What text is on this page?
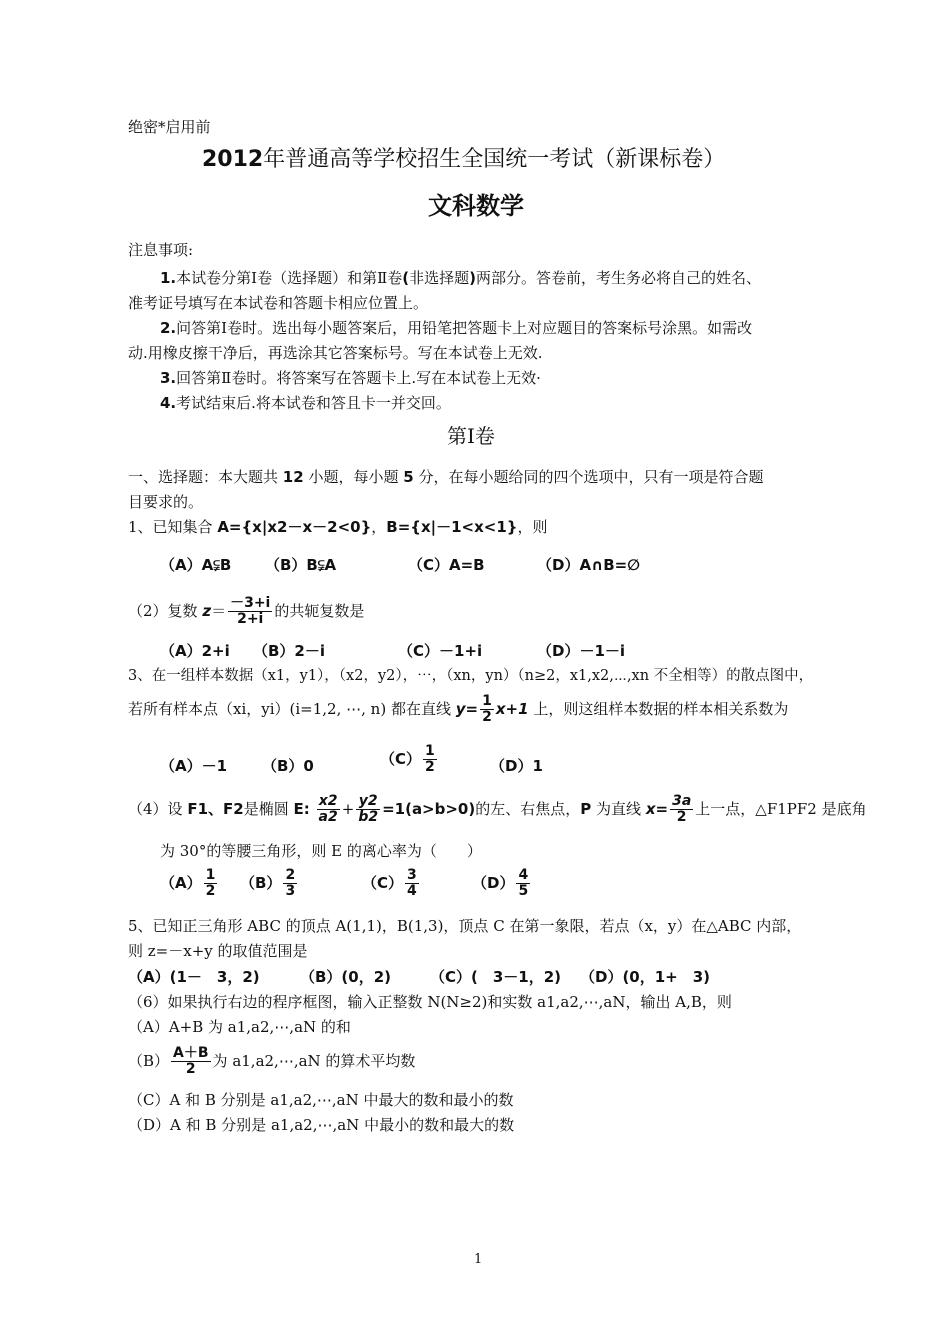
绝密*启用前
2012年普通高等学校招生全国统一考试（新课标卷）
文科数学
注息事项:
1.本试卷分第Ⅰ卷（选择题）和第Ⅱ卷(非选择题)两部分。答卷前，考生务必将自己的姓名、
准考证号填写在本试卷和答题卡相应位置上。
2.问答第Ⅰ卷时。选出每小题答案后，用铅笔把答题卡上对应题目的答案标号涂黑。如需改
动.用橡皮擦干净后，再选涂其它答案标号。写在本试卷上无效.
3.回答第Ⅱ卷时。将答案写在答题卡上.写在本试卷上无效·
4.考试结束后.将本试卷和答且卡一并交回。
第Ⅰ卷
一、选择题：本大题共 12 小题，每小题 5 分，在每小题给同的四个选项中，只有一项是符合题
目要求的。
1、已知集合 A={x|x2－x－2<0}，B={x|－1<x<1}，则
（A）A⫋B （B）B⫋A	（C）A=B	（D）A∩B=∅
（2）复数 $z= \frac{-3+i}{2+i}$ 的共轭复数是
（A）2+i （B）2－i	（C）－1+i	（D）－1－i
3、在一组样本数据（x1，y1），（x2，y2），⋯，（xn，yn）（n≥2，x1,x2,⋯,xn 不全相等）的散点图中，
若所有样本点（xi，yi）(i=1,2, ⋯, n) 都在直线 $y= \frac{1}{2} x+1$ 上，则这组样本数据的样本相关系数为
（A）－1 （B）0	$(C) \frac{1}{2}$	（D）1
（4）设 F1、F2是椭圆 E: $\frac{x2}{a2} + \frac{y2}{b2} =1(a>b>0)$的左、右焦点，P 为直线 $x= \frac{3a}{2}$ 上一点，△F1PF2 是底角
为 30°的等腰三角形，则 E 的离心率为（　　）
$(A) \frac{1}{2} (B) \frac{2}{3}$	$(C) \frac{3}{4}$	$(D) \frac{4}{5}$
5、已知正三角形 ABC 的顶点 A(1,1)，B(1,3)，顶点 C 在第一象限，若点（x，y）在△ABC 内部，
则 z=－x+y 的取值范围是
（A）(1－　3，2)	（B）(0，2)	（C）(　3－1，2) （D）(0，1+　3)
（6）如果执行右边的程序框图，输入正整数 N(N≥2)和实数 a1,a2,⋯,aN，输出 A,B，则
（A）A+B 为 a1,a2,⋯,aN 的和
$(B) \frac{A+B}{2}$ 为 a1,a2,⋯,aN 的算术平均数
（C）A 和 B 分别是 a1,a2,⋯,aN 中最大的数和最小的数
（D）A 和 B 分别是 a1,a2,⋯,aN 中最小的数和最大的数
1
